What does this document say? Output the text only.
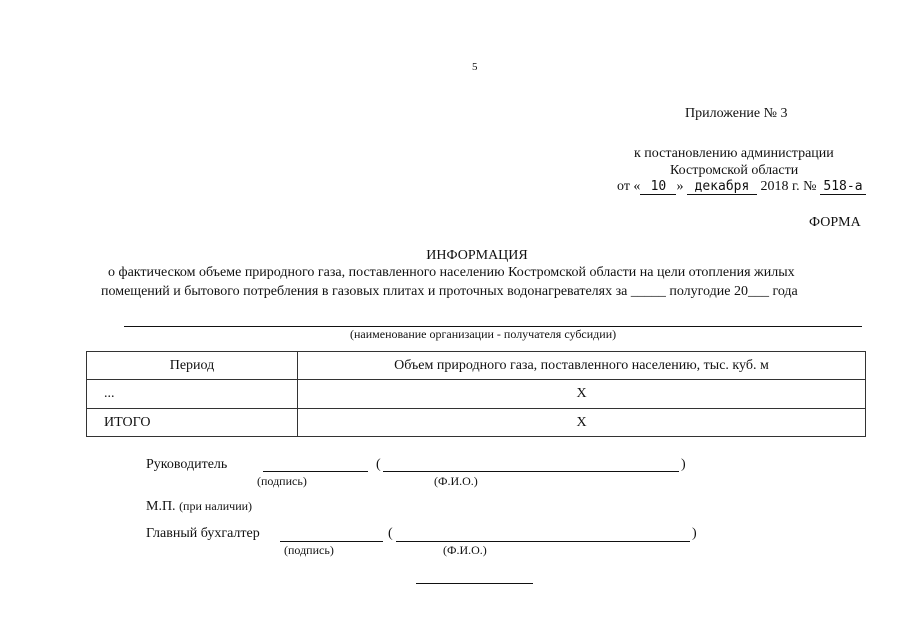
5
Приложение № 3
к постановлению администрации
Костромской области
от « 10 » декабря 2018 г. № 518-а
ФОРМА
ИНФОРМАЦИЯ
о фактическом объеме природного газа, поставленного населению Костромской области на цели отопления жилых
помещений и бытового потребления в газовых плитах и проточных водонагревателях за _____ полугодие 20___ года
(наименование организации - получателя субсидии)
Период	Объем природного газа, поставленного населению, тыс. куб. м
...	X
ИТОГО	X
Руководитель	(	)
(подпись)	(Ф.И.О.)
М.П. (при наличии)
Главный бухгалтер	(	)
(подпись)	(Ф.И.О.)
